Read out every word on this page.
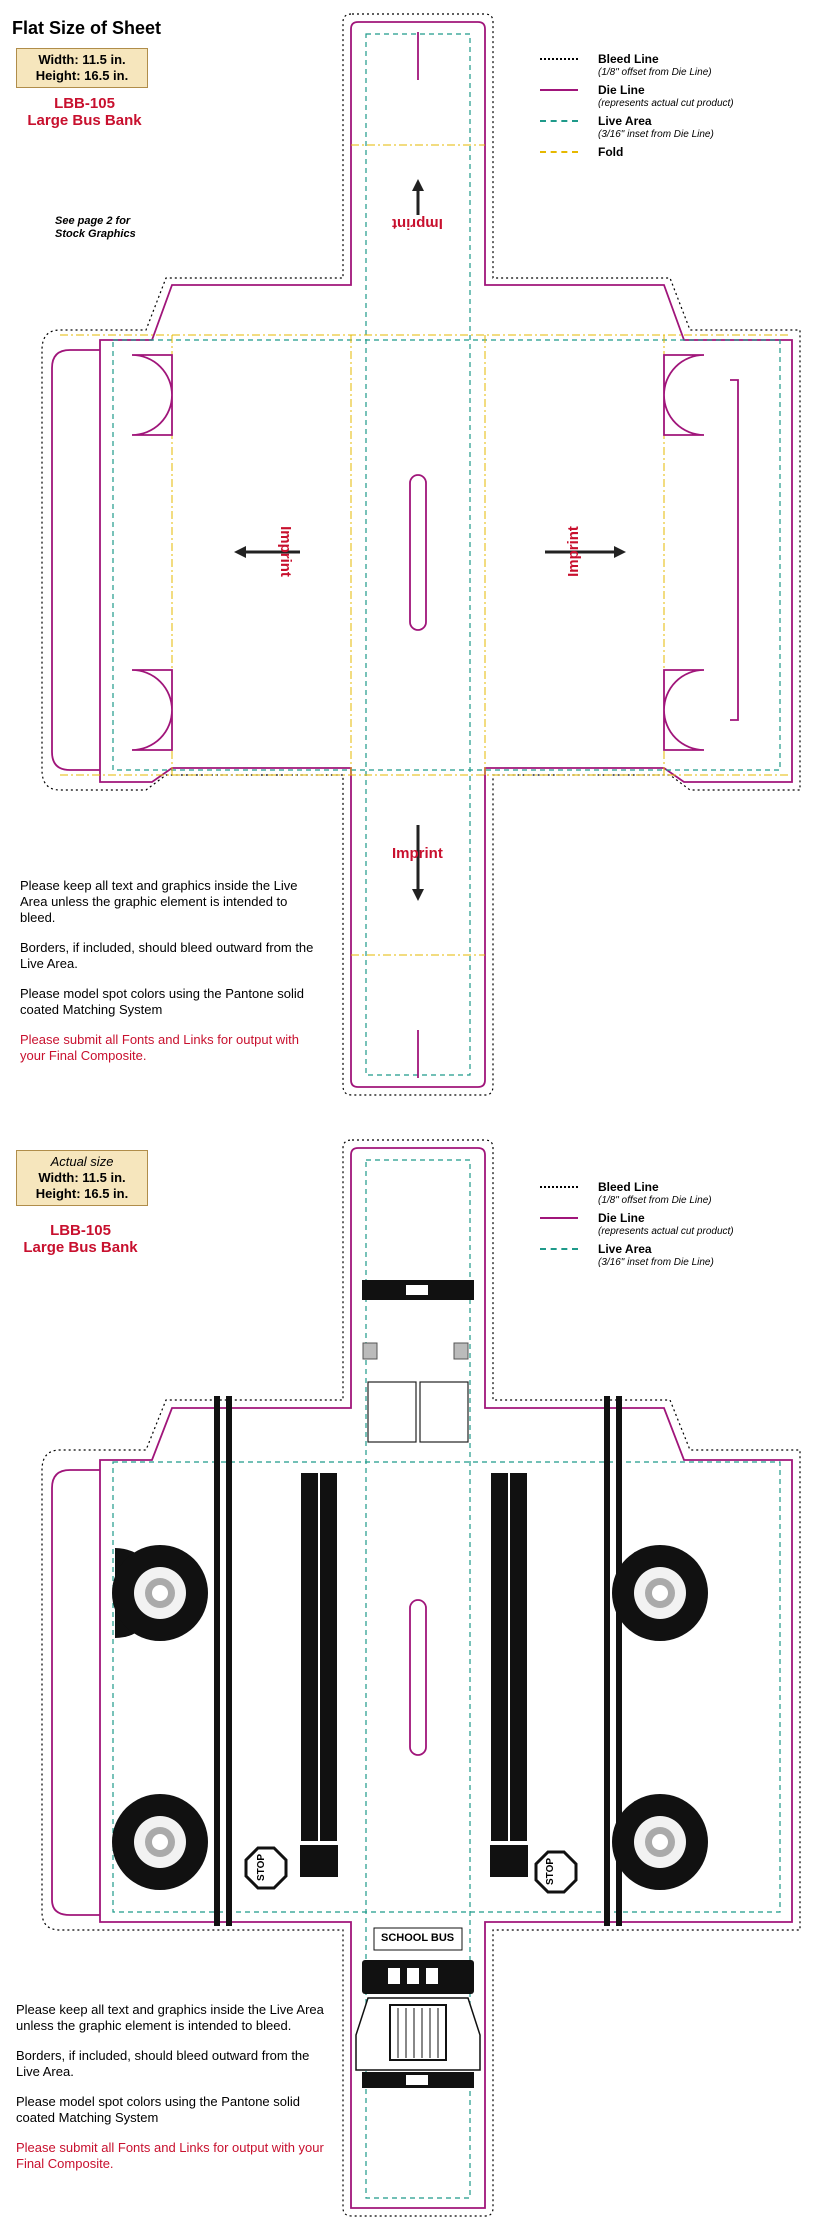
Flat Size of Sheet
Width: 11.5 in.
Height: 16.5 in.
LBB-105
Large Bus Bank
See page 2 for
Stock Graphics
Bleed Line
(1/8" offset from Die Line)
Die Line
(represents actual cut product)
Live Area
(3/16" inset from Die Line)
Fold
Imprint
Imprint	Imprint
Imprint

Please keep all text and graphics inside the Live Area unless the graphic element is intended to bleed.

Borders, if included, should bleed outward from the Live Area.

Please model spot colors using the Pantone solid coated Matching System

Please submit all Fonts and Links for output with your Final Composite.

Actual size
Width: 11.5 in.
Height: 16.5 in.
LBB-105
Large Bus Bank
Bleed Line
(1/8" offset from Die Line)
Die Line
(represents actual cut product)
Live Area
(3/16" inset from Die Line)
STOP	STOP
SCHOOL BUS

Please keep all text and graphics inside the Live Area unless the graphic element is intended to bleed.

Borders, if included, should bleed outward from the Live Area.

Please model spot colors using the Pantone solid coated Matching System

Please submit all Fonts and Links for output with your Final Composite.
